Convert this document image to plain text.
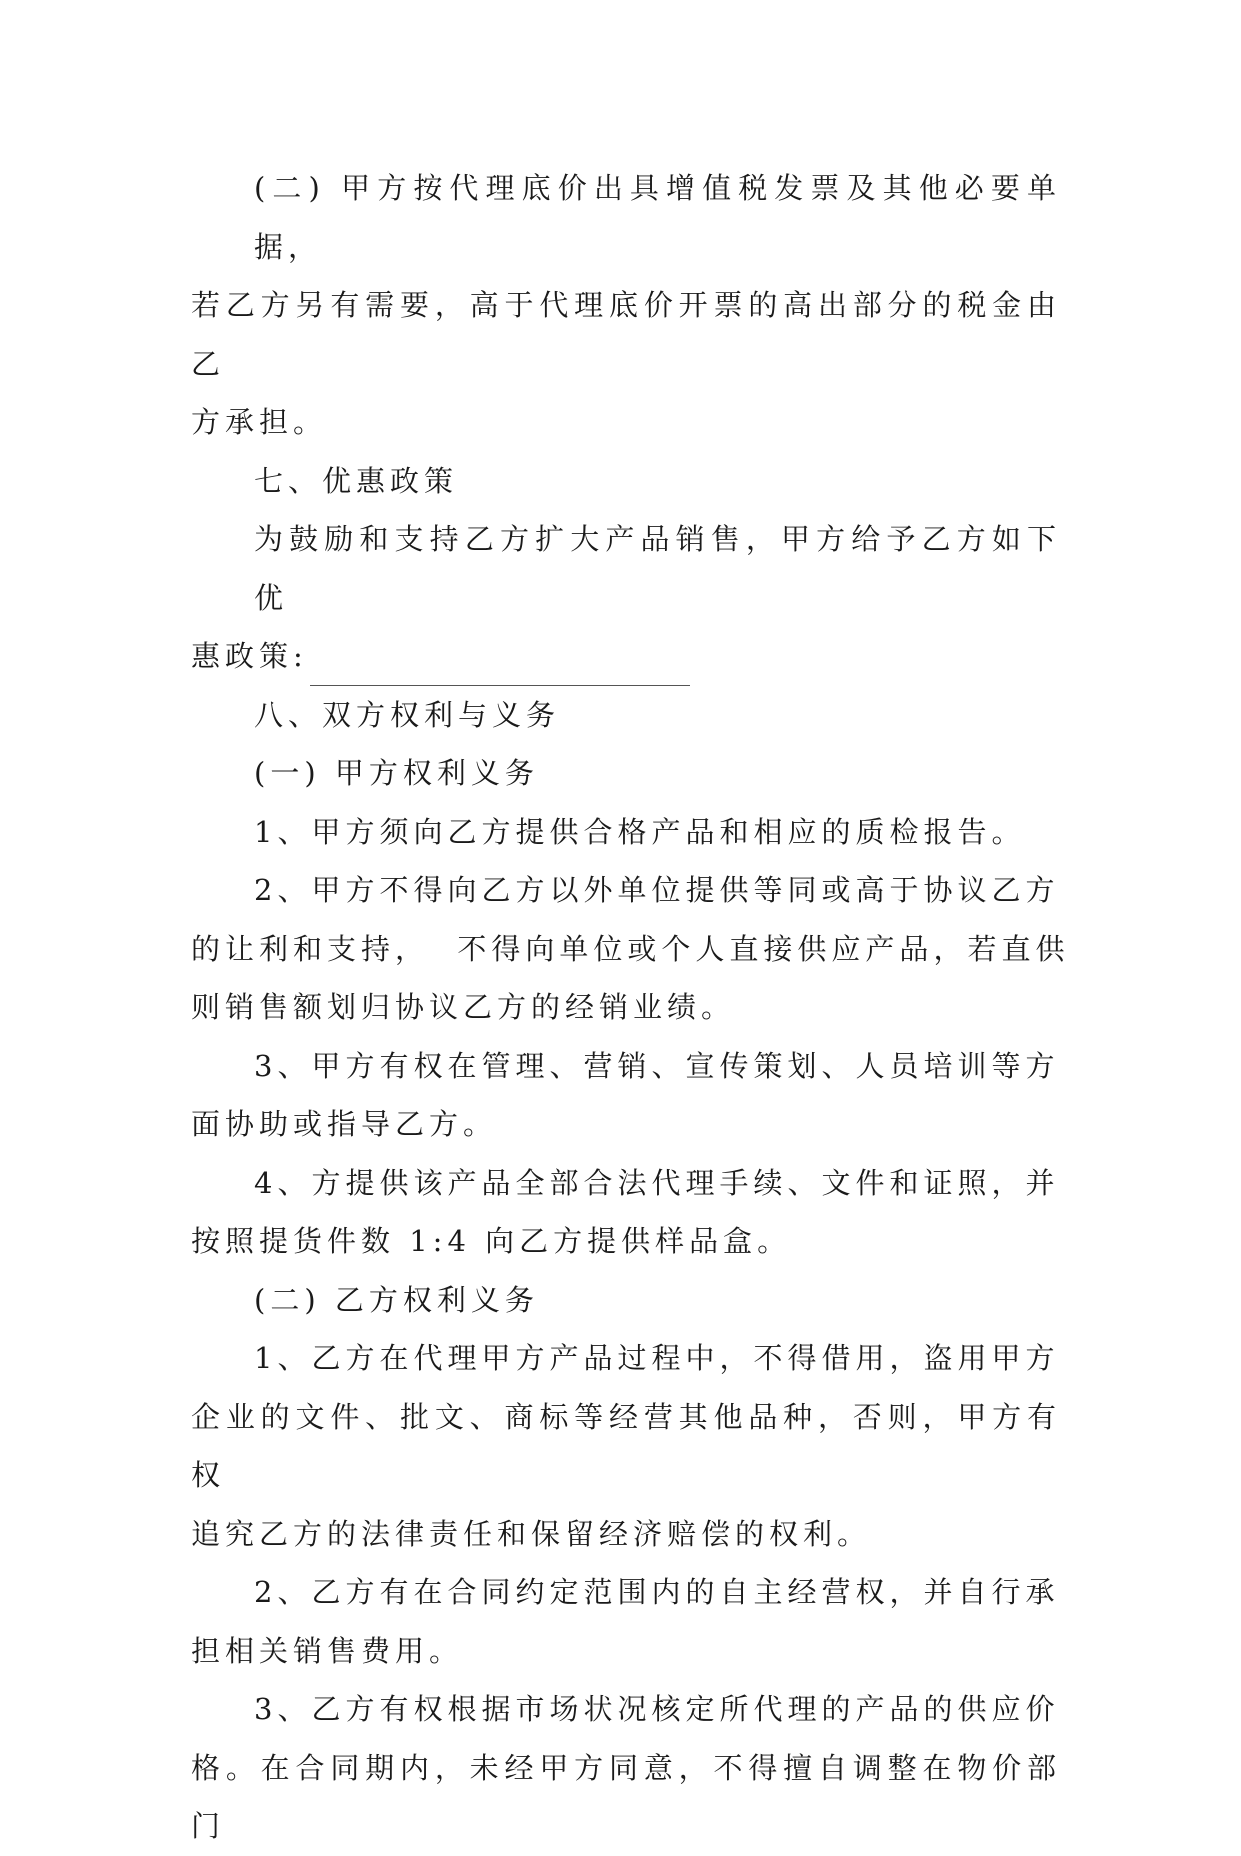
(二) 甲方按代理底价出具增值税发票及其他必要单据，
若乙方另有需要，高于代理底价开票的高出部分的税金由乙
方承担。

七、优惠政策

为鼓励和支持乙方扩大产品销售，甲方给予乙方如下优
惠政策:

八、双方权利与义务

(一) 甲方权利义务

1、甲方须向乙方提供合格产品和相应的质检报告。

2、甲方不得向乙方以外单位提供等同或高于协议乙方
的让利和支持，  不得向单位或个人直接供应产品，若直供
则销售额划归协议乙方的经销业绩。

3、甲方有权在管理、营销、宣传策划、人员培训等方
面协助或指导乙方。

4、方提供该产品全部合法代理手续、文件和证照，并
按照提货件数 1:4 向乙方提供样品盒。

(二) 乙方权利义务

1、乙方在代理甲方产品过程中，不得借用，盗用甲方
企业的文件、批文、商标等经营其他品种，否则，甲方有权
追究乙方的法律责任和保留经济赔偿的权利。

2、乙方有在合同约定范围内的自主经营权，并自行承
担相关销售费用。

3、乙方有权根据市场状况核定所代理的产品的供应价
格。在合同期内，未经甲方同意，不得擅自调整在物价部门
